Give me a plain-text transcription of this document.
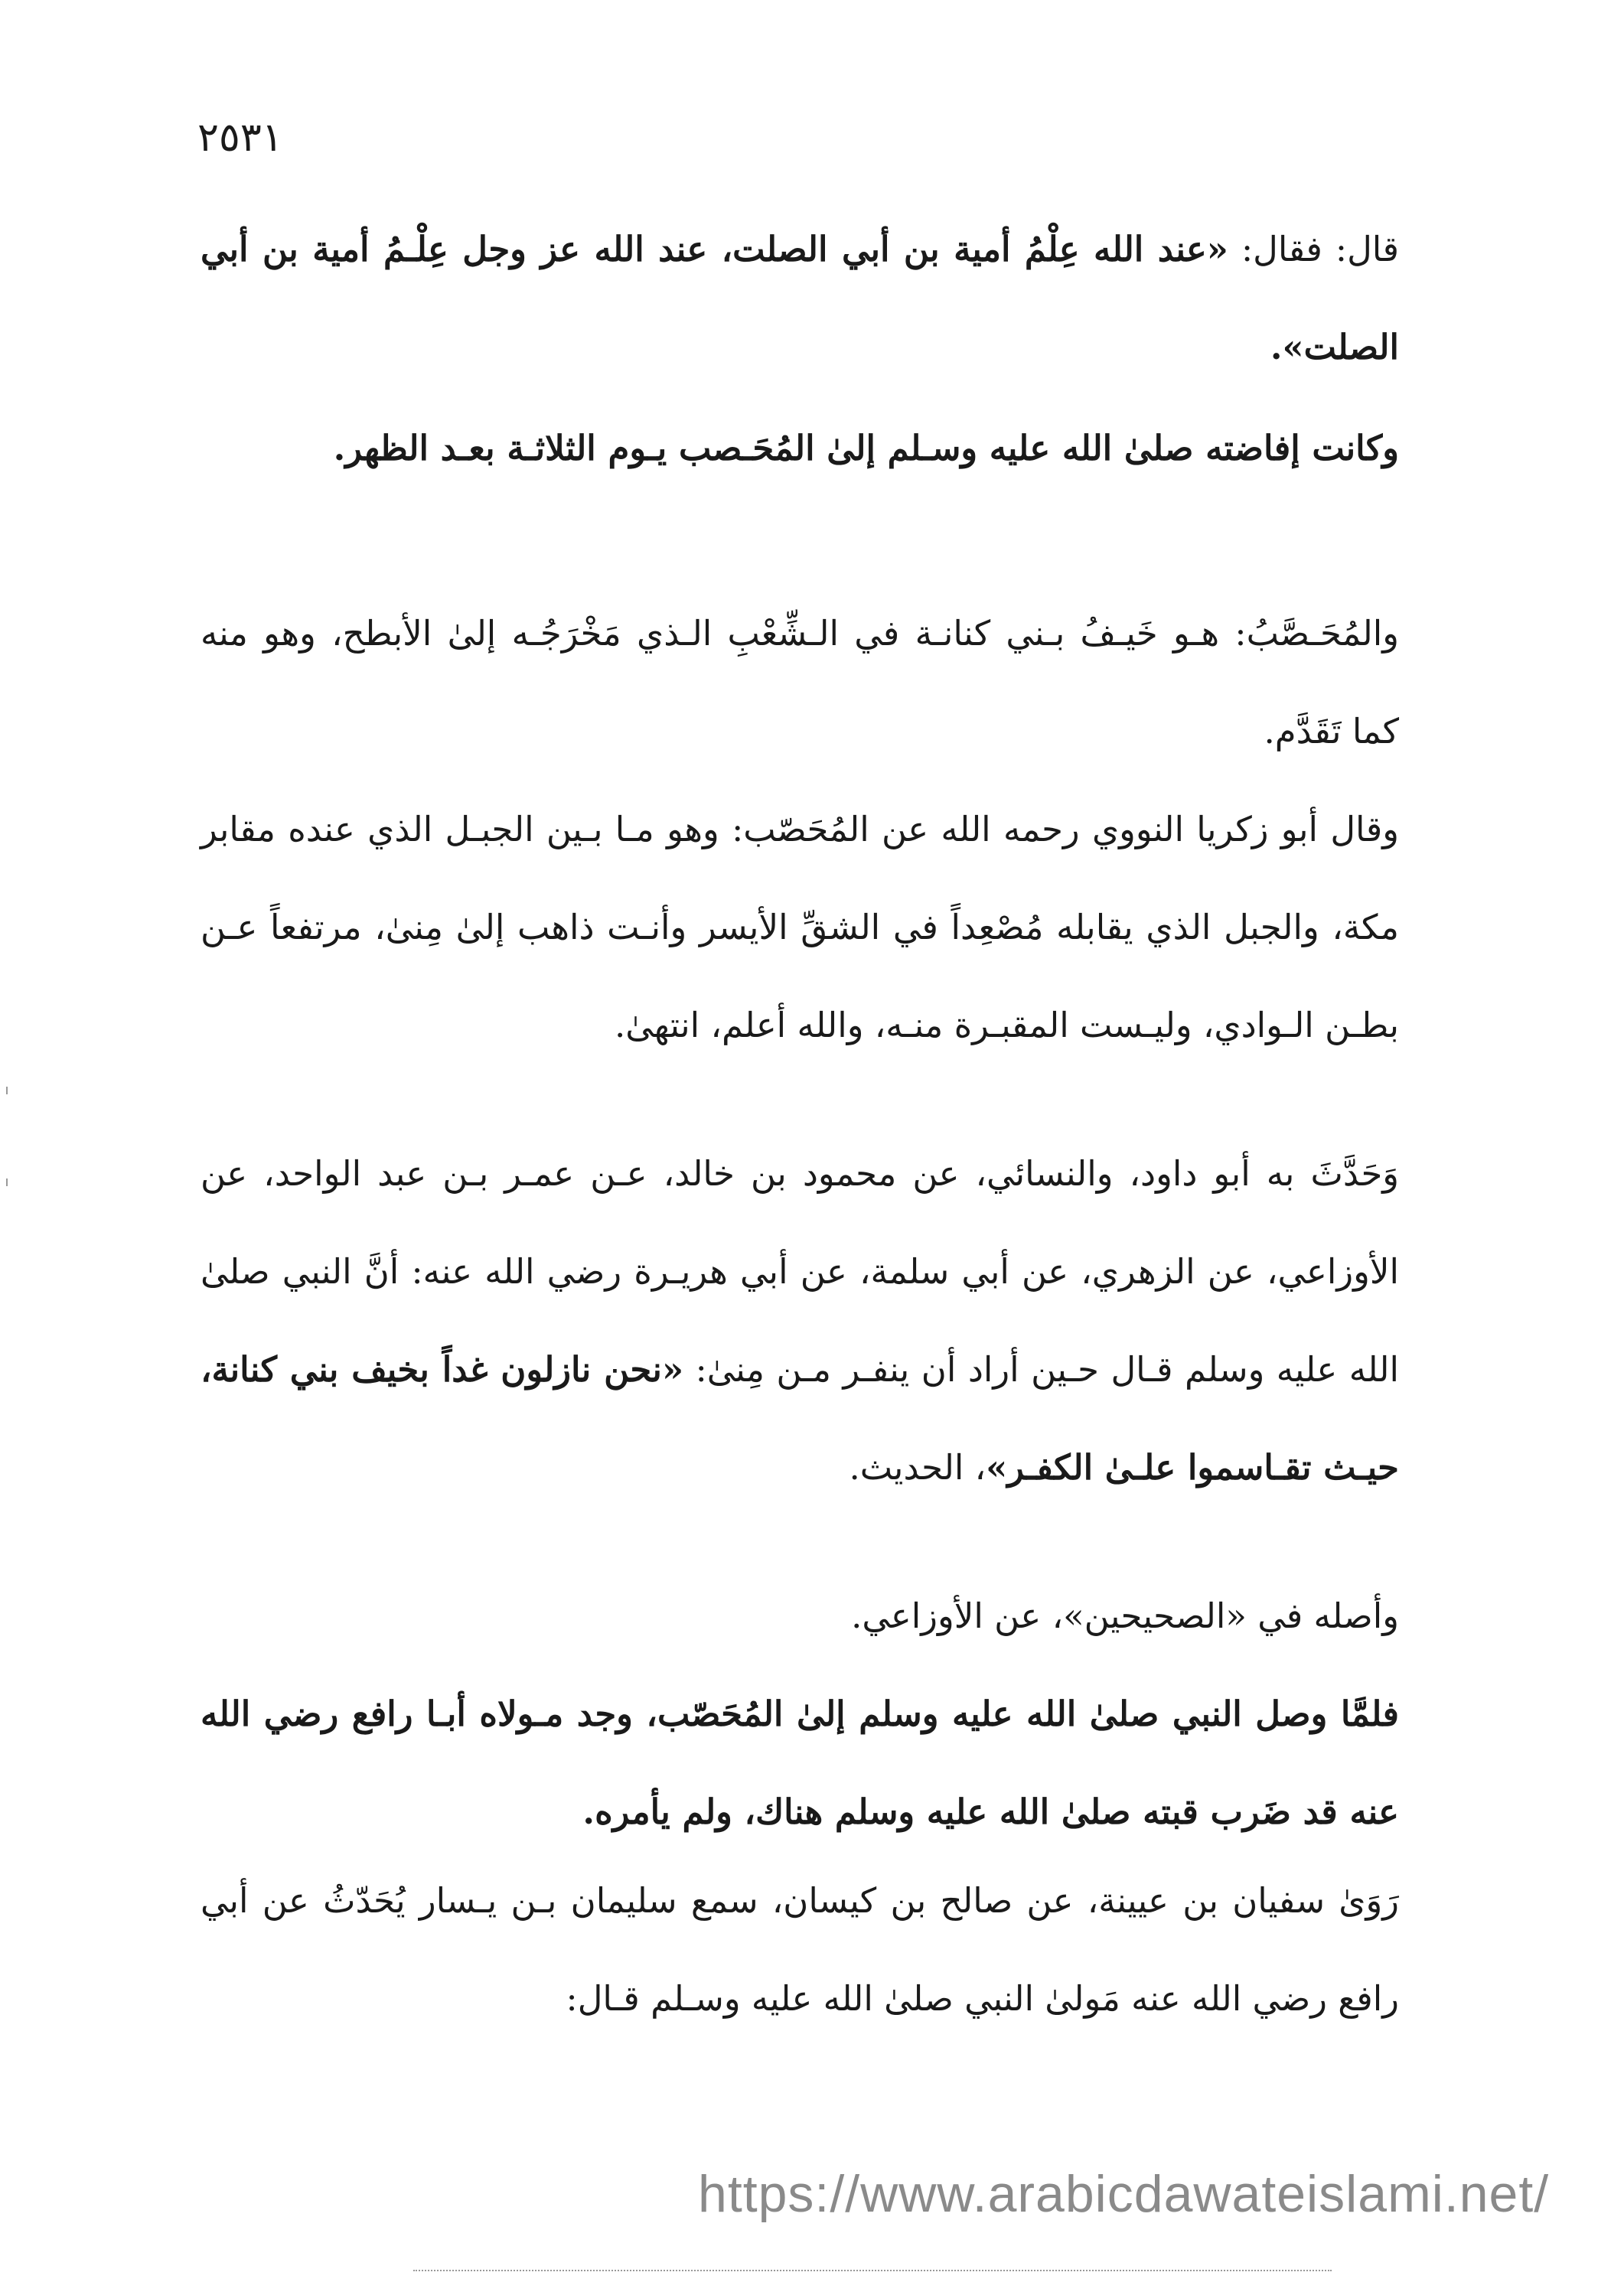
٢٥٣١

قال: فقال: «عند الله عِلْمُ أمية بن أبي الصلت، عند الله عز وجل عِلْـمُ أمية بن أبي الصلت».

وكانت إفاضته صلىٰ الله عليه وسـلم إلىٰ المُحَـصب يـوم الثلاثـة بعـد الظهر.

والمُحَـصَّبُ: هـو خَيـفُ بـني كنانـة في الـشِّعْبِ الـذي مَخْرَجُـه إلىٰ الأبطح، وهو منه كما تَقَدَّم.

وقال أبو زكريا النووي رحمه الله عن المُحَصّب: وهو مـا بـين الجبـل الذي عنده مقابر مكة، والجبل الذي يقابله مُصْعِداً في الشقِّ الأيسر وأنـت ذاهب إلىٰ مِنىٰ، مرتفعاً عـن بطـن الـوادي، وليـست المقبـرة منـه، والله أعلم، انتهىٰ.

وَحَدَّثَ به أبو داود، والنسائي، عن محمود بن خالد، عـن عمـر بـن عبد الواحد، عن الأوزاعي، عن الزهري، عن أبي سلمة، عن أبي هريـرة رضي الله عنه: أنَّ النبي صلىٰ الله عليه وسلم قـال حـين أراد أن ينفـر مـن مِنىٰ: «نحن نازلون غداً بخيف بني كنانة، حيـث تقـاسموا علـىٰ الكفـر»، الحديث.

وأصله في «الصحيحين»، عن الأوزاعي.

فلمَّا وصل النبي صلىٰ الله عليه وسلم إلىٰ المُحَصّب، وجد مـولاه أبـا رافع رضي الله عنه قد ضَرب قبته صلىٰ الله عليه وسلم هناك، ولم يأمره.

رَوَىٰ سفيان بن عيينة، عن صالح بن كيسان، سمع سليمان بـن يـسار يُحَدّثُ عن أبي رافع رضي الله عنه مَولىٰ النبي صلىٰ الله عليه وسـلم قـال:

https://www.arabicdawateislami.net/
